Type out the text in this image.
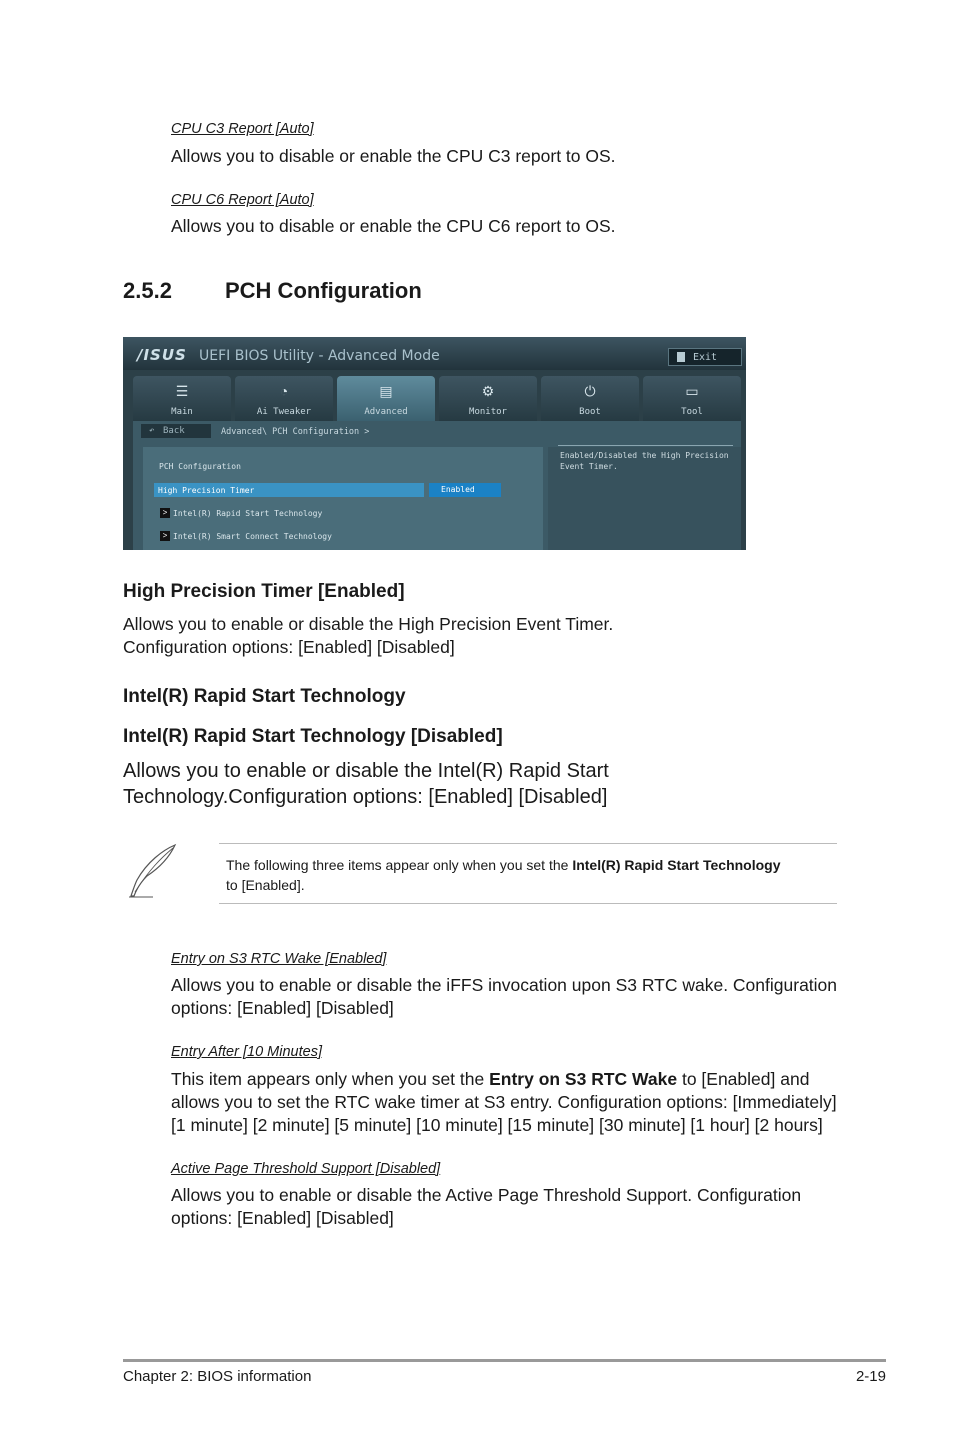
CPU C3 Report [Auto]
Allows you to disable or enable the CPU C3 report to OS.
CPU C6 Report [Auto]
Allows you to disable or enable the CPU C6 report to OS.
2.5.2 PCH Configuration
/ISUS UEFI BIOS Utility - Advanced Mode	Exit
☰
Main
◔
Ai Tweaker
▤
Advanced
⚙
Monitor
⏻
Boot
▭
Tool
↶ Back	Advanced\ PCH Configuration >
Enabled/Disabled the High Precision Event Timer.
PCH Configuration
High Precision Timer	Enabled
> Intel(R) Rapid Start Technology
> Intel(R) Smart Connect Technology
High Precision Timer [Enabled]
Allows you to enable or disable the High Precision Event Timer.
Configuration options: [Enabled] [Disabled]
Intel(R) Rapid Start Technology
Intel(R) Rapid Start Technology [Disabled]
Allows you to enable or disable the Intel(R) Rapid Start Technology.Configuration options: [Enabled] [Disabled]
The following three items appear only when you set the Intel(R) Rapid Start Technology
to [Enabled].
Entry on S3 RTC Wake [Enabled]
Allows you to enable or disable the iFFS invocation upon S3 RTC wake. Configuration options: [Enabled] [Disabled]
Entry After [10 Minutes]
This item appears only when you set the Entry on S3 RTC Wake to [Enabled] and allows you to set the RTC wake timer at S3 entry. Configuration options: [Immediately] [1 minute] [2 minute] [5 minute] [10 minute] [15 minute] [30 minute] [1 hour] [2 hours]
Active Page Threshold Support [Disabled]
Allows you to enable or disable the Active Page Threshold Support. Configuration options: [Enabled] [Disabled]
Chapter 2: BIOS information	2-19
